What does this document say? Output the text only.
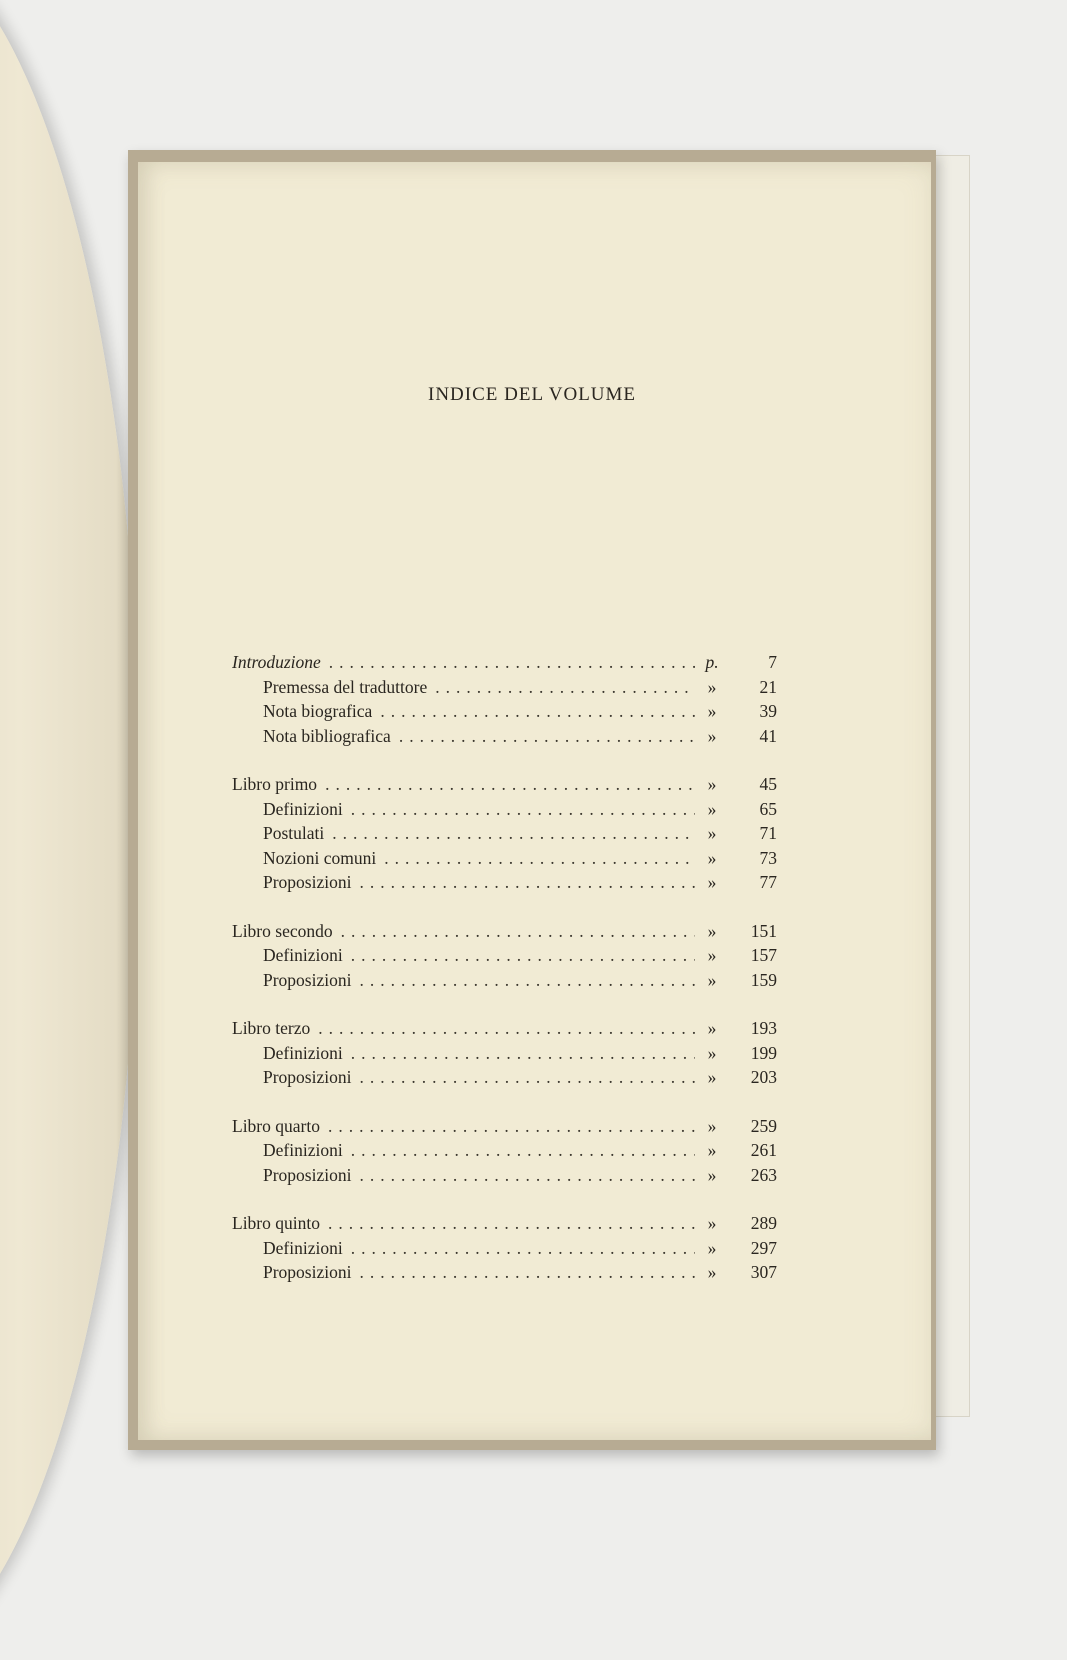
INDICE DEL VOLUME
Introduzione .....	p.	7
Premessa del traduttore .....	»	21
Nota biografica .....	»	39
Nota bibliografica .....	»	41
Libro primo .....	»	45
Definizioni .....	»	65
Postulati .....	»	71
Nozioni comuni .....	»	73
Proposizioni .....	»	77
Libro secondo .....	»	151
Definizioni .....	»	157
Proposizioni .....	»	159
Libro terzo .....	»	193
Definizioni .....	»	199
Proposizioni .....	»	203
Libro quarto .....	»	259
Definizioni .....	»	261
Proposizioni .....	»	263
Libro quinto .....	»	289
Definizioni .....	»	297
Proposizioni .....	»	307
